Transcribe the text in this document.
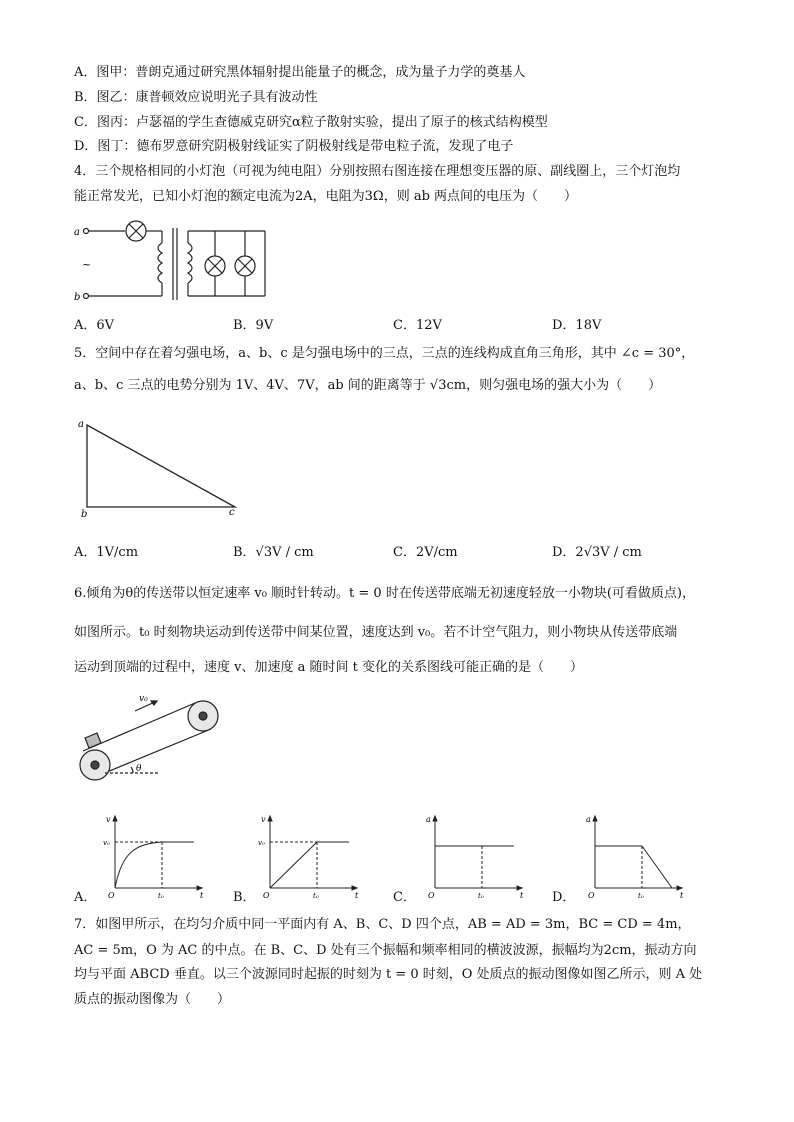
A．图甲：普朗克通过研究黑体辐射提出能量子的概念，成为量子力学的奠基人
B．图乙：康普顿效应说明光子具有波动性
C．图丙：卢瑟福的学生查德威克研究α粒子散射实验，提出了原子的核式结构模型
D．图丁：德布罗意研究阴极射线证实了阴极射线是带电粒子流，发现了电子
4．三个规格相同的小灯泡（可视为纯电阻）分别按照右图连接在理想变压器的原、副线圈上，三个灯泡均
能正常发光，已知小灯泡的额定电流为2A，电阻为3Ω，则 ab 两点间的电压为（　　）
a
b
~
A．6V	B．9V	C．12V	D．18V
5．空间中存在着匀强电场，a、b、c 是匀强电场中的三点，三点的连线构成直角三角形，其中 ∠c = 30°，
a、b、c 三点的电势分别为 1V、4V、7V，ab 间的距离等于 √3cm，则匀强电场的强大小为（　　）
a
b	c
A．1V/cm	B．√3V / cm	C．2V/cm	D．2√3V / cm
6.倾角为θ的传送带以恒定速率 v₀ 顺时针转动。t = 0 时在传送带底端无初速度轻放一小物块(可看做质点)，
如图所示。t₀ 时刻物块运动到传送带中间某位置，速度达到 v₀。若不计空气阻力，则小物块从传送带底端
运动到顶端的过程中，速度 v、加速度 a 随时间 t 变化的关系图线可能正确的是（　　）
v₀
θ
v
v₀
O	t₀	t
A．
v
v₀
O	t₀	t
B．
a
O	t₀	t
C．
a
O	t₀	t
D．
7．如图甲所示，在均匀介质中同一平面内有 A、B、C、D 四个点，AB = AD = 3m，BC = CD = 4m，
AC = 5m，O 为 AC 的中点。在 B、C、D 处有三个振幅和频率相同的横波波源，振幅均为2cm，振动方向
均与平面 ABCD 垂直。以三个波源同时起振的时刻为 t = 0 时刻，O 处质点的振动图像如图乙所示，则 A 处
质点的振动图像为（　　）
